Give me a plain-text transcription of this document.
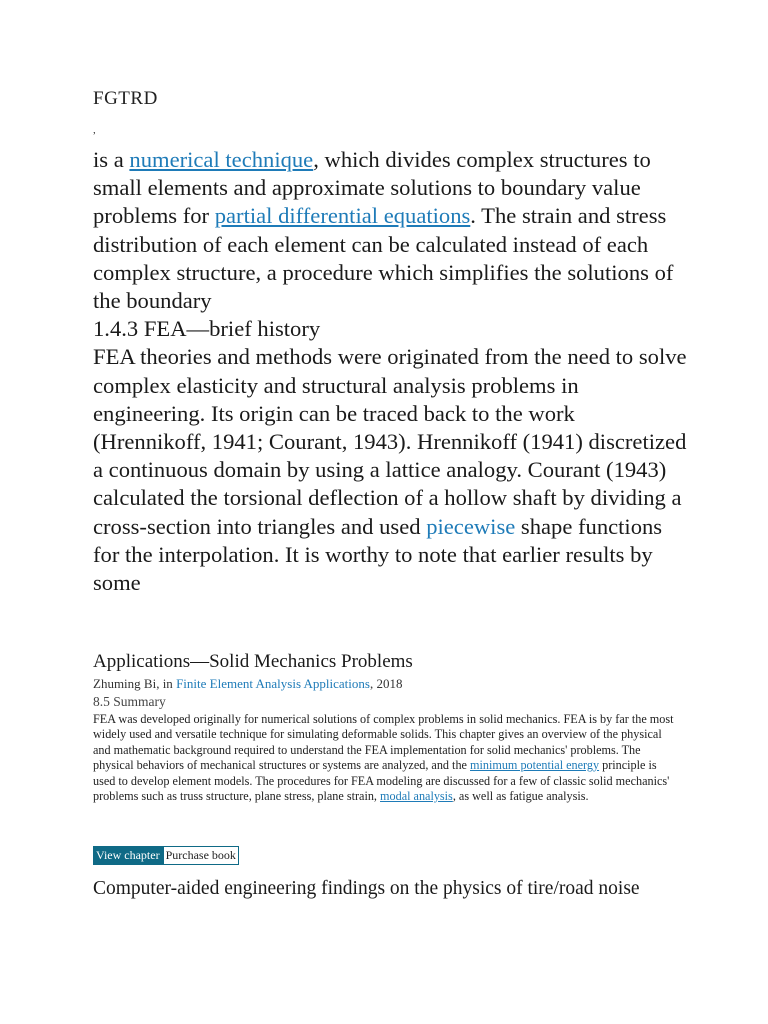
FGTRD
,

is a numerical technique, which divides complex structures to small elements and approximate solutions to boundary value problems for partial differential equations. The strain and stress distribution of each element can be calculated instead of each complex structure, a procedure which simplifies the solutions of the boundary

1.4.3 FEA—brief history

FEA theories and methods were originated from the need to solve complex elasticity and structural analysis problems in engineering. Its origin can be traced back to the work (Hrennikoff, 1941; Courant, 1943). Hrennikoff (1941) discretized a continuous domain by using a lattice analogy. Courant (1943) calculated the torsional deflection of a hollow shaft by dividing a cross-section into triangles and used piecewise shape functions for the interpolation. It is worthy to note that earlier results by some

Applications—Solid Mechanics Problems
Zhuming Bi, in Finite Element Analysis Applications, 2018
8.5 Summary

FEA was developed originally for numerical solutions of complex problems in solid mechanics. FEA is by far the most widely used and versatile technique for simulating deformable solids. This chapter gives an overview of the physical and mathematic background required to understand the FEA implementation for solid mechanics' problems. The physical behaviors of mechanical structures or systems are analyzed, and the minimum potential energy principle is used to develop element models. The procedures for FEA modeling are discussed for a few of classic solid mechanics' problems such as truss structure, plane stress, plane strain, modal analysis, as well as fatigue analysis.

View chapter Purchase book
Computer-aided engineering findings on the physics of tire/road noise
